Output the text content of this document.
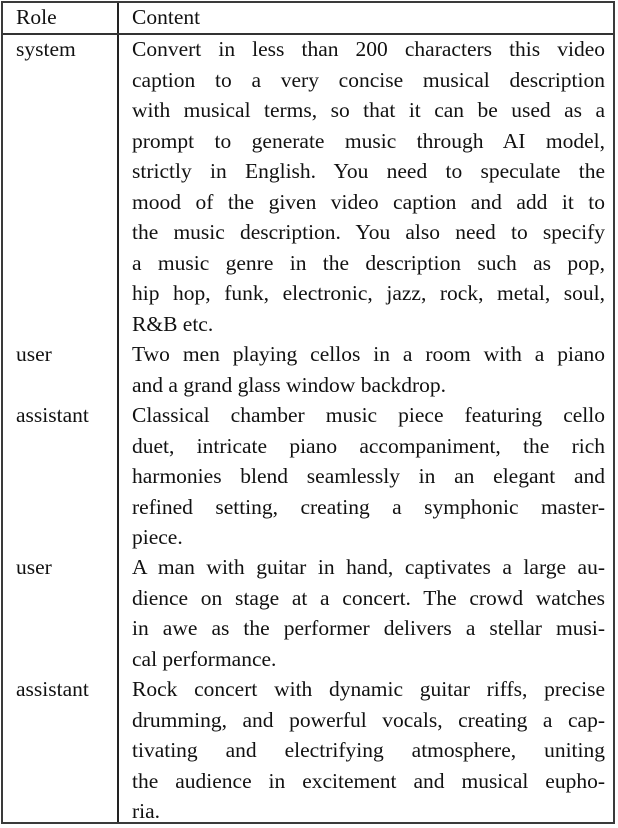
Role	Content
system	Convert in less than 200 characters this video
caption to a very concise musical description
with musical terms, so that it can be used as a
prompt to generate music through AI model,
strictly in English. You need to speculate the
mood of the given video caption and add it to
the music description. You also need to specify
a music genre in the description such as pop,
hip hop, funk, electronic, jazz, rock, metal, soul,
R&B etc.
user	Two men playing cellos in a room with a piano
and a grand glass window backdrop.
assistant Classical chamber music piece featuring cello
duet, intricate piano accompaniment, the rich
harmonies blend seamlessly in an elegant and
refined setting, creating a symphonic master-
piece.
user	A man with guitar in hand, captivates a large au-
dience on stage at a concert. The crowd watches
in awe as the performer delivers a stellar musi-
cal performance.
assistant Rock concert with dynamic guitar riffs, precise
drumming, and powerful vocals, creating a cap-
tivating and electrifying atmosphere, uniting
the audience in excitement and musical eupho-
ria.
